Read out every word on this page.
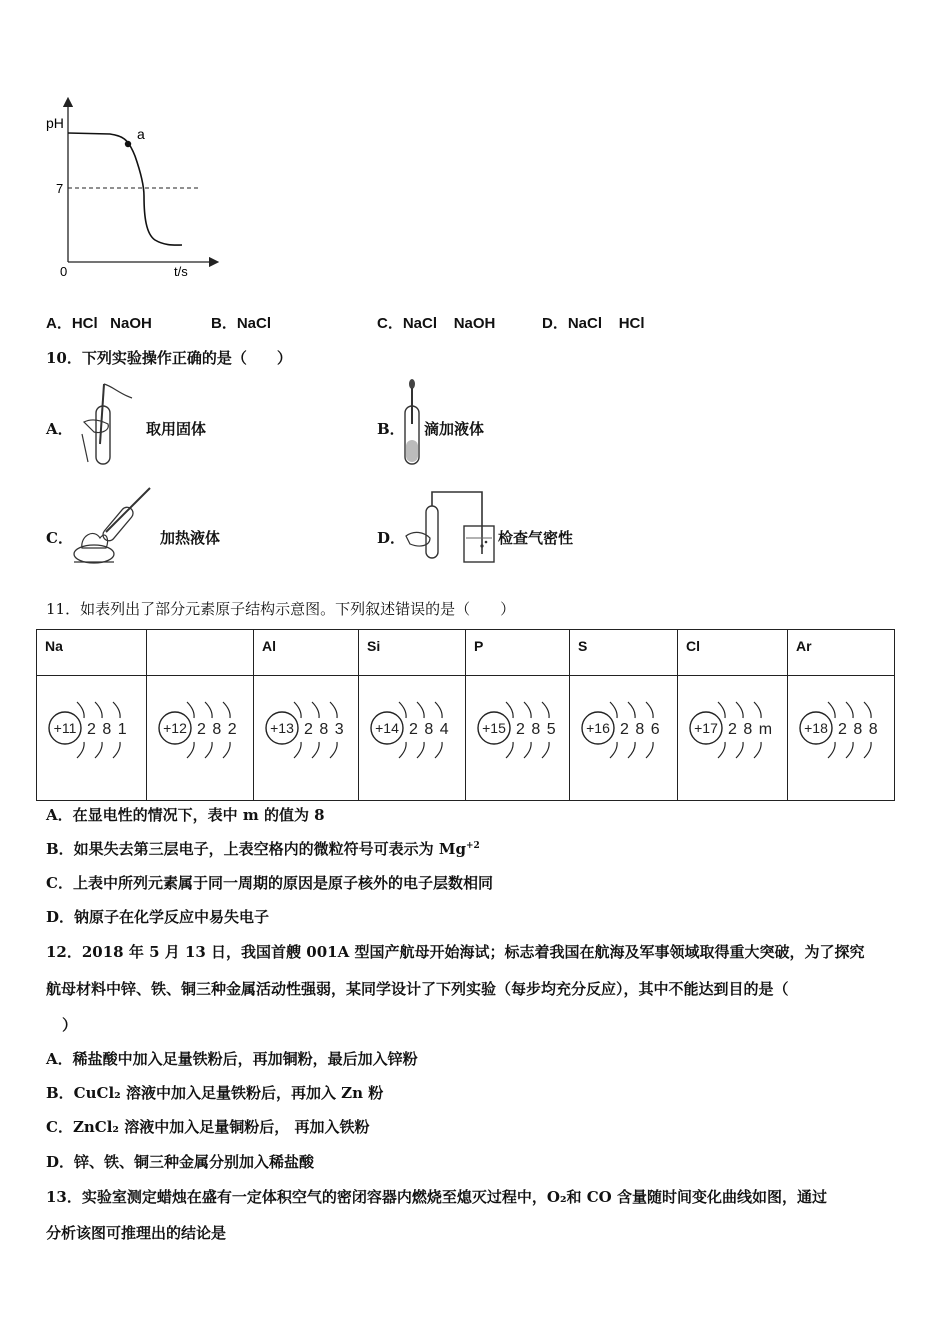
pH
t/s
0
7
a
A．HCl   NaOH	B．NaCl	C．NaCl    NaOH	D．NaCl    HCl
10．下列实验操作正确的是（　　）
A．	取用固体	B． 滴加液体
C．	加热液体	D．	检查气密性
11．如表列出了部分元素原子结构示意图。下列叙述错误的是（　　）
Na		Al	Si	P	S	Cl	Ar

+11 2 8 1	+12 2 8 2	+13 2 8 3	+14 2 8 4	+15 2 8 5	+16 2 8 6	+17 2 8 m	+18 2 8 8
A．在显电性的情况下，表中 m 的值为 8
B．如果失去第三层电子，上表空格内的微粒符号可表示为 $Mg^{+2}$
C．上表中所列元素属于同一周期的原因是原子核外的电子层数相同
D．钠原子在化学反应中易失电子
12．2018 年 5 月 13 日，我国首艘 001A 型国产航母开始海试；标志着我国在航海及军事领域取得重大突破，为了探究
航母材料中锌、铁、铜三种金属活动性强弱，某同学设计了下列实验（每步均充分反应），其中不能达到目的是（
）
A．稀盐酸中加入足量铁粉后，再加铜粉，最后加入锌粉
B．CuCl₂ 溶液中加入足量铁粉后，再加入 Zn 粉
C．ZnCl₂ 溶液中加入足量铜粉后， 再加入铁粉
D．锌、铁、铜三种金属分别加入稀盐酸
13．实验室测定蜡烛在盛有一定体积空气的密闭容器内燃烧至熄灭过程中，O₂和 CO 含量随时间变化曲线如图，通过
分析该图可推理出的结论是
